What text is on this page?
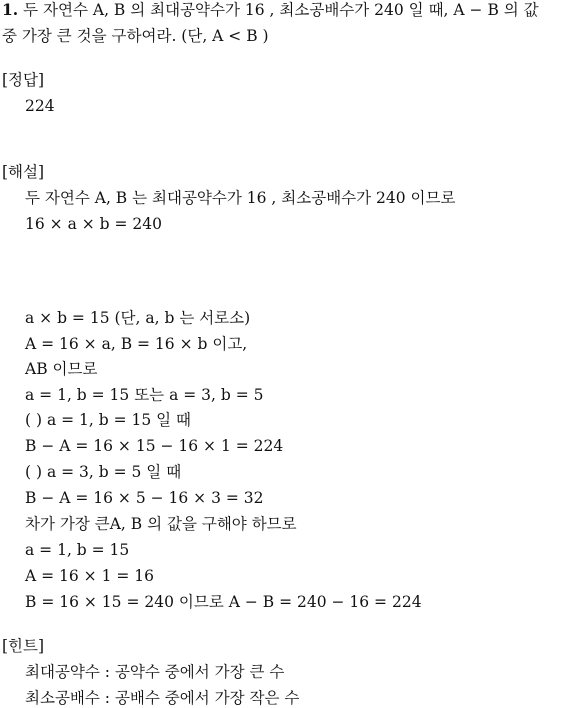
1. 두 자연수 A, B 의 최대공약수가 16 , 최소공배수가 240 일 때, A − B 의 값
중 가장 큰 것을 구하여라. (단, A < B )
[정답]
224
[해설]
두 자연수 A, B 는 최대공약수가 16 , 최소공배수가 240 이므로
16 × a × b = 240
a × b = 15 (단, a, b 는 서로소)
A = 16 × a, B = 16 × b 이고,
AB 이므로
a = 1, b = 15 또는 a = 3, b = 5
( ) a = 1, b = 15 일 때
B − A = 16 × 15 − 16 × 1 = 224
( ) a = 3, b = 5 일 때
B − A = 16 × 5 − 16 × 3 = 32
차가 가장 큰A, B 의 값을 구해야 하므로
a = 1, b = 15
A = 16 × 1 = 16
B = 16 × 15 = 240 이므로 A − B = 240 − 16 = 224
[힌트]
최대공약수 : 공약수 중에서 가장 큰 수
최소공배수 : 공배수 중에서 가장 작은 수
